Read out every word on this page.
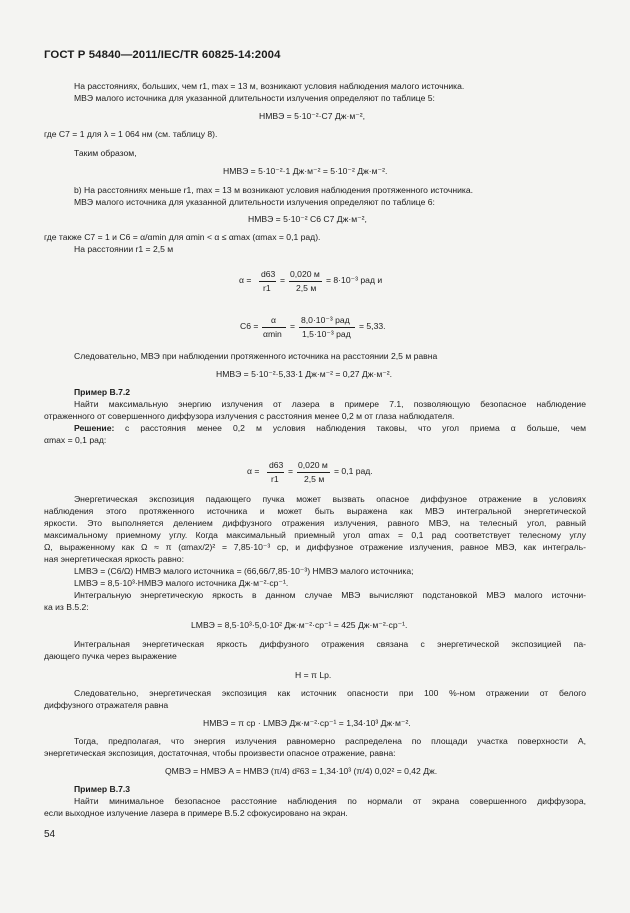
ГОСТ Р 54840—2011/IEC/TR 60825-14:2004
На расстояниях, больших, чем r1, max = 13 м, возникают условия наблюдения малого источника.
МВЭ малого источника для указанной длительности излучения определяют по таблице 5:
HМВЭ = 5·10⁻²·C7 Дж·м⁻²,
где C7 = 1 для λ = 1 064 нм (см. таблицу 8).
Таким образом,
HМВЭ = 5·10⁻²·1 Дж·м⁻² = 5·10⁻² Дж·м⁻².
b) На расстояниях меньше r1, max = 13 м возникают условия наблюдения протяженного источника.
МВЭ малого источника для указанной длительности излучения определяют по таблице 6:
HМВЭ = 5·10⁻² C6 C7 Дж·м⁻²,
где также C7 = 1 и C6 = α/αmin для αmin < α ≤ αmax (αmax = 0,1 рад).
На расстоянии r1 = 2,5 м
α =
d63
r1
=
0,020 м
2,5 м
= 8·10⁻³ рад и
C6 =
α
αmin
=
8,0·10⁻³ рад
1,5·10⁻³ рад
= 5,33.
Следовательно, МВЭ при наблюдении протяженного источника на расстоянии 2,5 м равна
HМВЭ = 5·10⁻²·5,33·1 Дж·м⁻² = 0,27 Дж·м⁻².
Пример В.7.2
Найти максимальную энергию излучения от лазера в примере 7.1, позволяющую безопасное наблюдение
отраженного от совершенного диффузора излучения с расстояния менее 0,2 м от глаза наблюдателя.
Решение: с расстояния менее 0,2 м условия наблюдения таковы, что угол приема α больше, чем
αmax = 0,1 рад:
α =
d63
r1
=
0,020 м
2,5 м
= 0,1 рад.
Энергетическая экспозиция падающего пучка может вызвать опасное диффузное отражение в условиях
наблюдения этого протяженного источника и может быть выражена как МВЭ интегральной энергетической
яркости. Это выполняется делением диффузного отражения излучения, равного МВЭ, на телесный угол, равный
максимальному приемному углу. Когда максимальный приемный угол αmax = 0,1 рад соответствует телесному углу
Ω, выраженному как Ω ≈ π (αmax/2)² = 7,85·10⁻³ ср, и диффузное отражение излучения, равное МВЭ, как интеграль-
ная энергетическая яркость равно:
LМВЭ = (C6/Ω) HМВЭ малого источника = (66,66/7,85·10⁻³) HМВЭ малого источника;
LМВЭ = 8,5·10³·HМВЭ малого источника Дж·м⁻²·ср⁻¹.
Интегральную энергетическую яркость в данном случае МВЭ вычисляют подстановкой МВЭ малого источни-
ка из В.5.2:
LМВЭ = 8,5·10³·5,0·10² Дж·м⁻²·ср⁻¹ = 425 Дж·м⁻²·ср⁻¹.
Интегральная энергетическая яркость диффузного отражения связана с энергетической экспозицией па-
дающего пучка через выражение
H = π Lp.
Следовательно, энергетическая экспозиция как источник опасности при 100 %-ном отражении от белого
диффузного отражателя равна
HМВЭ = π ср · LМВЭ Дж·м⁻²·ср⁻¹ = 1,34·10³ Дж·м⁻².
Тогда, предполагая, что энергия излучения равномерно распределена по площади участка поверхности A,
энергетическая экспозиция, достаточная, чтобы произвести опасное отражение, равна:
QМВЭ = HМВЭ A = HМВЭ (π/4) d²63 = 1,34·10³ (π/4) 0,02² = 0,42 Дж.
Пример В.7.3
Найти минимальное безопасное расстояние наблюдения по нормали от экрана совершенного диффузора,
если выходное излучение лазера в примере В.5.2 сфокусировано на экран.
54
